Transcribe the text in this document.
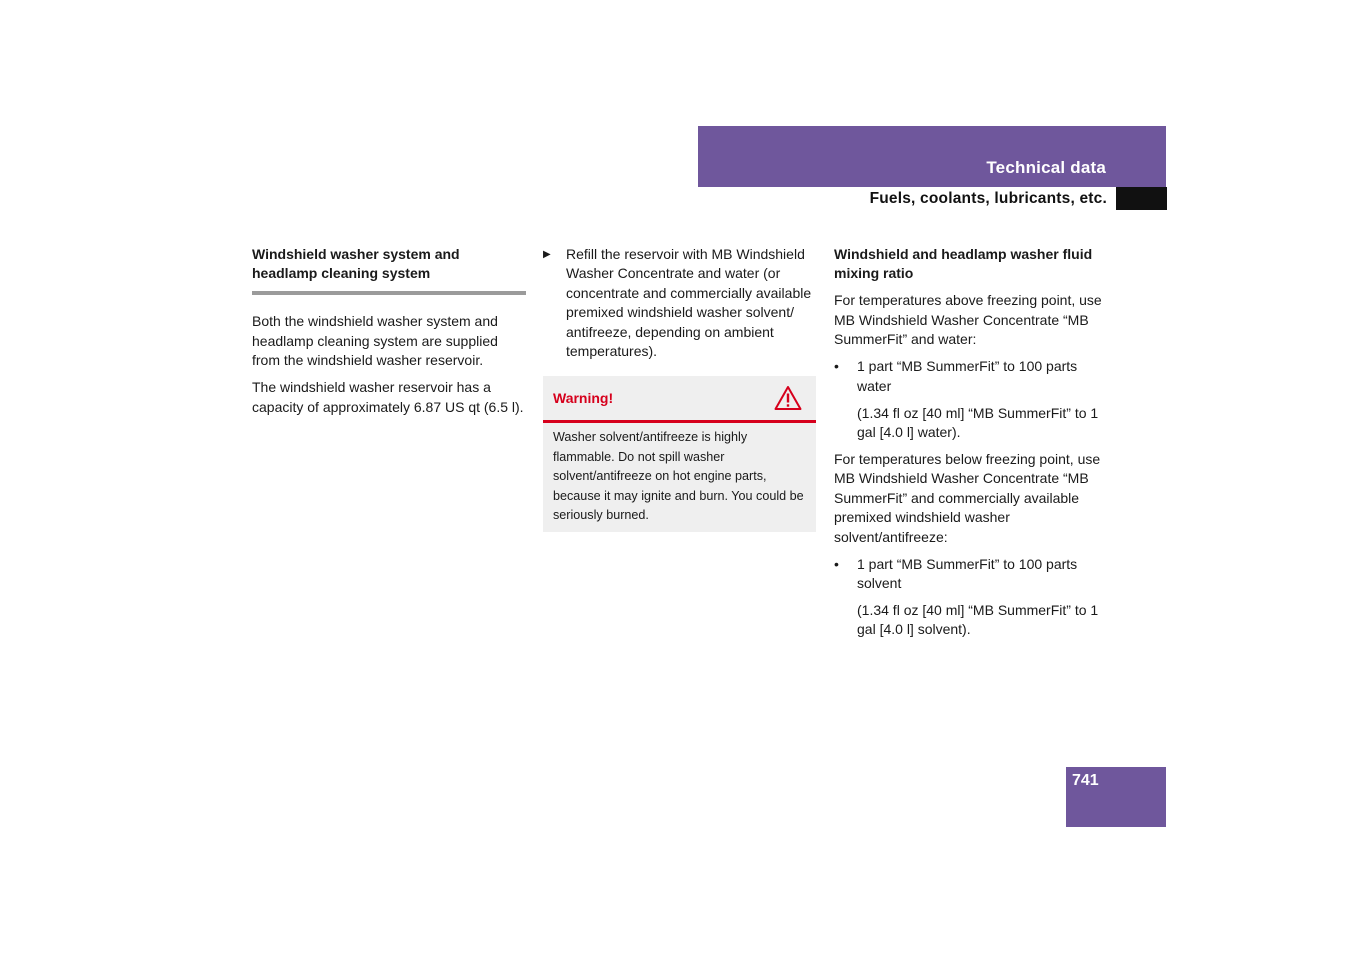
Technical data
Fuels, coolants, lubricants, etc.

Windshield washer system and headlamp cleaning system

Both the windshield washer system and headlamp cleaning system are supplied from the windshield washer reservoir.

The windshield washer reservoir has a capacity of approximately 6.87 US qt (6.5 l).

▶ Refill the reservoir with MB Windshield Washer Concentrate and water (or concentrate and commercially available premixed windshield washer solvent/ antifreeze, depending on ambient temperatures).
Warning!
Washer solvent/antifreeze is highly flammable. Do not spill washer solvent/antifreeze on hot engine parts, because it may ignite and burn. You could be seriously burned.

Windshield and headlamp washer fluid mixing ratio

For temperatures above freezing point, use MB Windshield Washer Concentrate “MB SummerFit” and water:

• 1 part “MB SummerFit” to 100 parts water

(1.34 fl oz [40 ml] “MB SummerFit” to 1 gal [4.0 l] water).

For temperatures below freezing point, use MB Windshield Washer Concentrate “MB SummerFit” and commercially available premixed windshield washer solvent/antifreeze:

• 1 part “MB SummerFit” to 100 parts solvent

(1.34 fl oz [40 ml] “MB SummerFit” to 1 gal [4.0 l] solvent).

741
